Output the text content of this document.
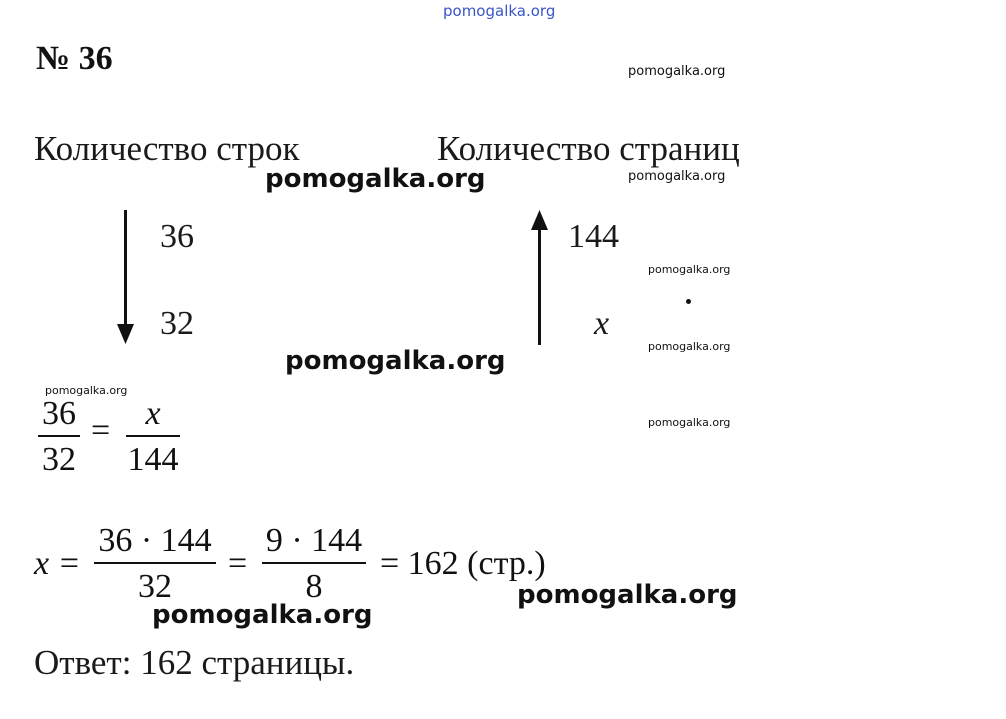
pomogalka.org
pomogalka.org
pomogalka.org
pomogalka.org
pomogalka.org
pomogalka.org
pomogalka.org
pomogalka.org
pomogalka.org
pomogalka.org
pomogalka.org
№ 36
Количество строк	Количество страниц
36
32
144
x
36
32
= x
144
x =
36 · 144
32
=
9 · 144
8
= 162 (стр.)
Ответ: 162 страницы.
